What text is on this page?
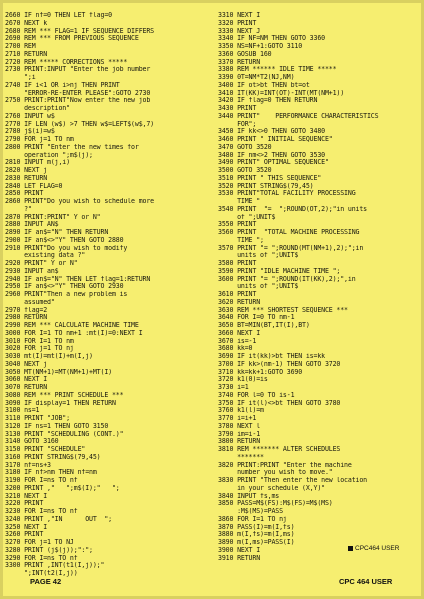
2660 IF nf=0 THEN LET flag=0
2670 NEXT k
2680 REM *** FLAG=1 IF SEQUENCE DIFFERS
2690 REM *** FROM PREVIOUS SEQUENCE
2700 REM
2710 RETURN
2720 REM ***** CORRECTIONS *****
2730 PRINT:INPUT "Enter the job number
";i
2740 IF i<1 OR i>nj THEN PRINT
"ERROR-RE-ENTER PLEASE":GOTO 2730
2750 PRINT:PRINT"Now enter the new job
description"
2760 INPUT w$
2770 IF LEN (w$) >7 THEN w$=LEFT$(w$,7)
2780 j$(i)=w$
2790 FOR j=1 TO nm
2800 PRINT "Enter the new times for
operation ";m$(j);
2810 INPUT m(j,i)
2820 NEXT j
2830 RETURN
2840 LET FLAG=0
2850 PRINT
2860 PRINT"Do you wish to schedule more
?"
2870 PRINT:PRINT" Y or N"
2880 INPUT AN$
2890 IF an$="N" THEN RETURN
2900 IF an$<>"Y" THEN GOTO 2880
2910 PRINT"Do you wish to modify
existing data ?"
2920 PRINT" Y or N"
2930 INPUT an$
2940 IF an$="N" THEN LET flag=1:RETURN
2950 IF an$<>"Y" THEN GOTO 2930
2960 PRINT"Then a new problem is
assumed"
2970 flag=2
2980 RETURN
2990 REM *** CALCULATE MACHINE TIME
3000 FOR I=1 TO nm+1 :mt(I)=0:NEXT I
3010 FOR I=1 TO nm
3020 FOR j=1 TO nj
3030 mt(I)=mt(I)+m(I,j)
3040 NEXT j
3050 MT(NM+1)=MT(NM+1)+MT(I)
3060 NEXT I
3070 RETURN
3080 REM *** PRINT SCHEDULE ***
3090 IF display=1 THEN RETURN
3100 ns=1
3110 PRINT "JOB";
3120 IF ns=1 THEN GOTO 3150
3130 PRINT "SCHEDULING (CONT.)"
3140 GOTO 3160
3150 PRINT "SCHEDULE"
3160 PRINT STRING$(79,45)
3170 nf=ns+3
3180 IF nf>nm THEN nf=nm
3190 FOR I=ns TO nf
3200 PRINT ,"   ";m$(I);"   ";
3210 NEXT I
3220 PRINT
3230 FOR I=ns TO nf
3240 PRINT ,"IN      OUT  ";
3250 NEXT I
3260 PRINT
3270 FOR j=1 TO NJ
3280 PRINT (j$(j));":";
3290 FOR I=ns TO nf
3300 PRINT ,INT(t1(I,j));"
";INT(t2(I,j))
3310 NEXT I
3320 PRINT
3330 NEXT J
3340 IF NF=NM THEN GOTO 3360
3350 NS=NF+1:GOTO 3110
3360 GOSUB 160
3370 RETURN
3380 REM ****** IDLE TIME *****
3390 0T=NM*T2(NJ,NM)
3400 IF ot>bt THEN bt=ot
3410 IT(KK)=INT(OT)-INT(MT(NM+1))
3420 IF flag=0 THEN RETURN
3430 PRINT
3440 PRINT"    PERFORMANCE CHARACTERISTICS
FOR";
3450 IF kk<>0 THEN GOTO 3480
3460 PRINT " INITIAL SEQUENCE"
3470 GOTO 3520
3480 IF nm<>2 THEN GOTO 3530
3490 PRINT" OPTIMAL SEQUENCE"
3500 GOTO 3520
3510 PRINT " THIS SEQUENCE"
3520 PRINT STRING$(79,45)
3530 PRINT"TOTAL FACILITY PROCESSING
TIME "
3540 PRINT  "=  ";ROUND(OT,2);"in units
of ";UNIT$
3550 PRINT
3560 PRINT  "TOTAL MACHINE PROCESSING
TIME ";
3570 PRINT "= ";ROUND(MT(NM+1),2);";in
units of ";UNIT$
3580 PRINT
3590 PRINT "IDLE MACHINE TIME ";
3600 PRINT "= ";ROUND(IT(KK),2);",in
units of ";UNIT$
3610 PRINT
3620 RETURN
3630 REM *** SHORTEST SEQUENCE ***
3640 FOR I=0 TO nm-1
3650 BT=MIN(BT,IT(I),BT)
3660 NEXT I
3670 is=-1
3680 kk=0
3690 IF it(kk)>bt THEN is=kk
3700 IF kk>(nm-1) THEN GOTO 3720
3710 kk=kk+1:GOTO 3690
3720 k1(0)=is
3730 i=1
3740 FOR l=0 TO is-1
3750 IF it(l)<>bt THEN GOTO 3780
3760 k1(l)=m
3770 i=i+1
3780 NEXT l
3790 im=i-1
3800 RETURN
3810 REM ******* ALTER SCHEDULES
*******
3820 PRINT:PRINT "Enter the machine
number you wish to move."
3830 PRINT "Then enter the new location
in your schedule (X,Y)"
3840 INPUT fs,ms
3850 PASS=M$(FS):M$(FS)=M$(MS)
:M$(MS)=PASS
3860 FOR I=1 TO nj
3870 PASS(I)=m(I,fs)
3880 m(I,fs)=m(I,ms)
3890 m(I,ms)=PASS(I)
3900 NEXT I
3910 RETURN
CPC464 USER
PAGE 42	CPC 464 USER
